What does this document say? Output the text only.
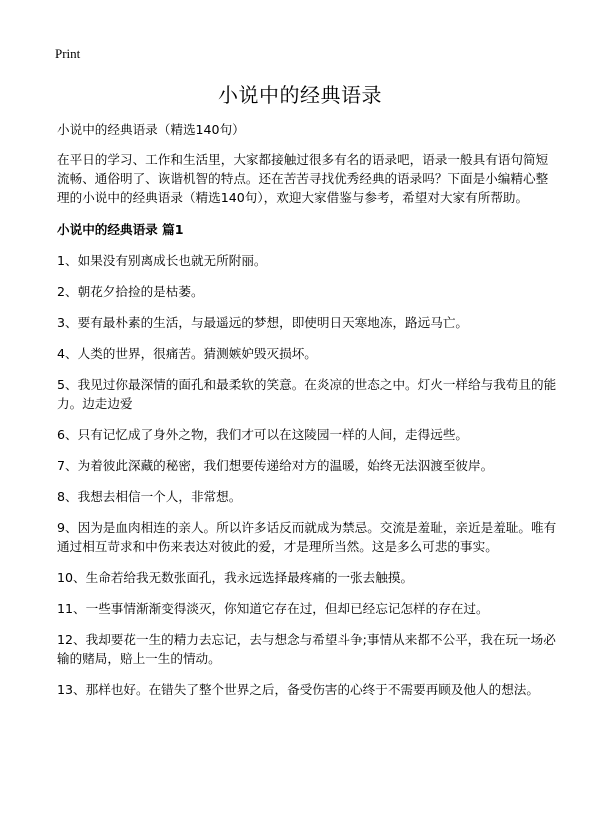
Print
小说中的经典语录

小说中的经典语录（精选140句）

在平日的学习、工作和生活里，大家都接触过很多有名的语录吧，语录一般具有语句简短流畅、通俗明了、诙谐机智的特点。还在苦苦寻找优秀经典的语录吗？下面是小编精心整理的小说中的经典语录（精选140句），欢迎大家借鉴与参考，希望对大家有所帮助。

小说中的经典语录 篇1

1、如果没有别离成长也就无所附丽。
2、朝花夕拾捡的是枯萎。
3、要有最朴素的生活，与最遥远的梦想，即使明日天寒地冻，路远马亡。
4、人类的世界，很痛苦。猜测嫉妒毁灭损坏。
5、我见过你最深情的面孔和最柔软的笑意。在炎凉的世态之中。灯火一样给与我苟且的能力。边走边爱
6、只有记忆成了身外之物，我们才可以在这陵园一样的人间，走得远些。
7、为着彼此深藏的秘密，我们想要传递给对方的温暖，始终无法泅渡至彼岸。
8、我想去相信一个人，非常想。
9、因为是血肉相连的亲人。所以许多话反而就成为禁忌。交流是羞耻，亲近是羞耻。唯有通过相互苛求和中伤来表达对彼此的爱，才是理所当然。这是多么可悲的事实。
10、生命若给我无数张面孔，我永远选择最疼痛的一张去触摸。
11、一些事情渐渐变得淡灭，你知道它存在过，但却已经忘记怎样的存在过。
12、我却要花一生的精力去忘记，去与想念与希望斗争;事情从来都不公平，我在玩一场必输的赌局，赔上一生的情动。
13、那样也好。在错失了整个世界之后，备受伤害的心终于不需要再顾及他人的想法。
